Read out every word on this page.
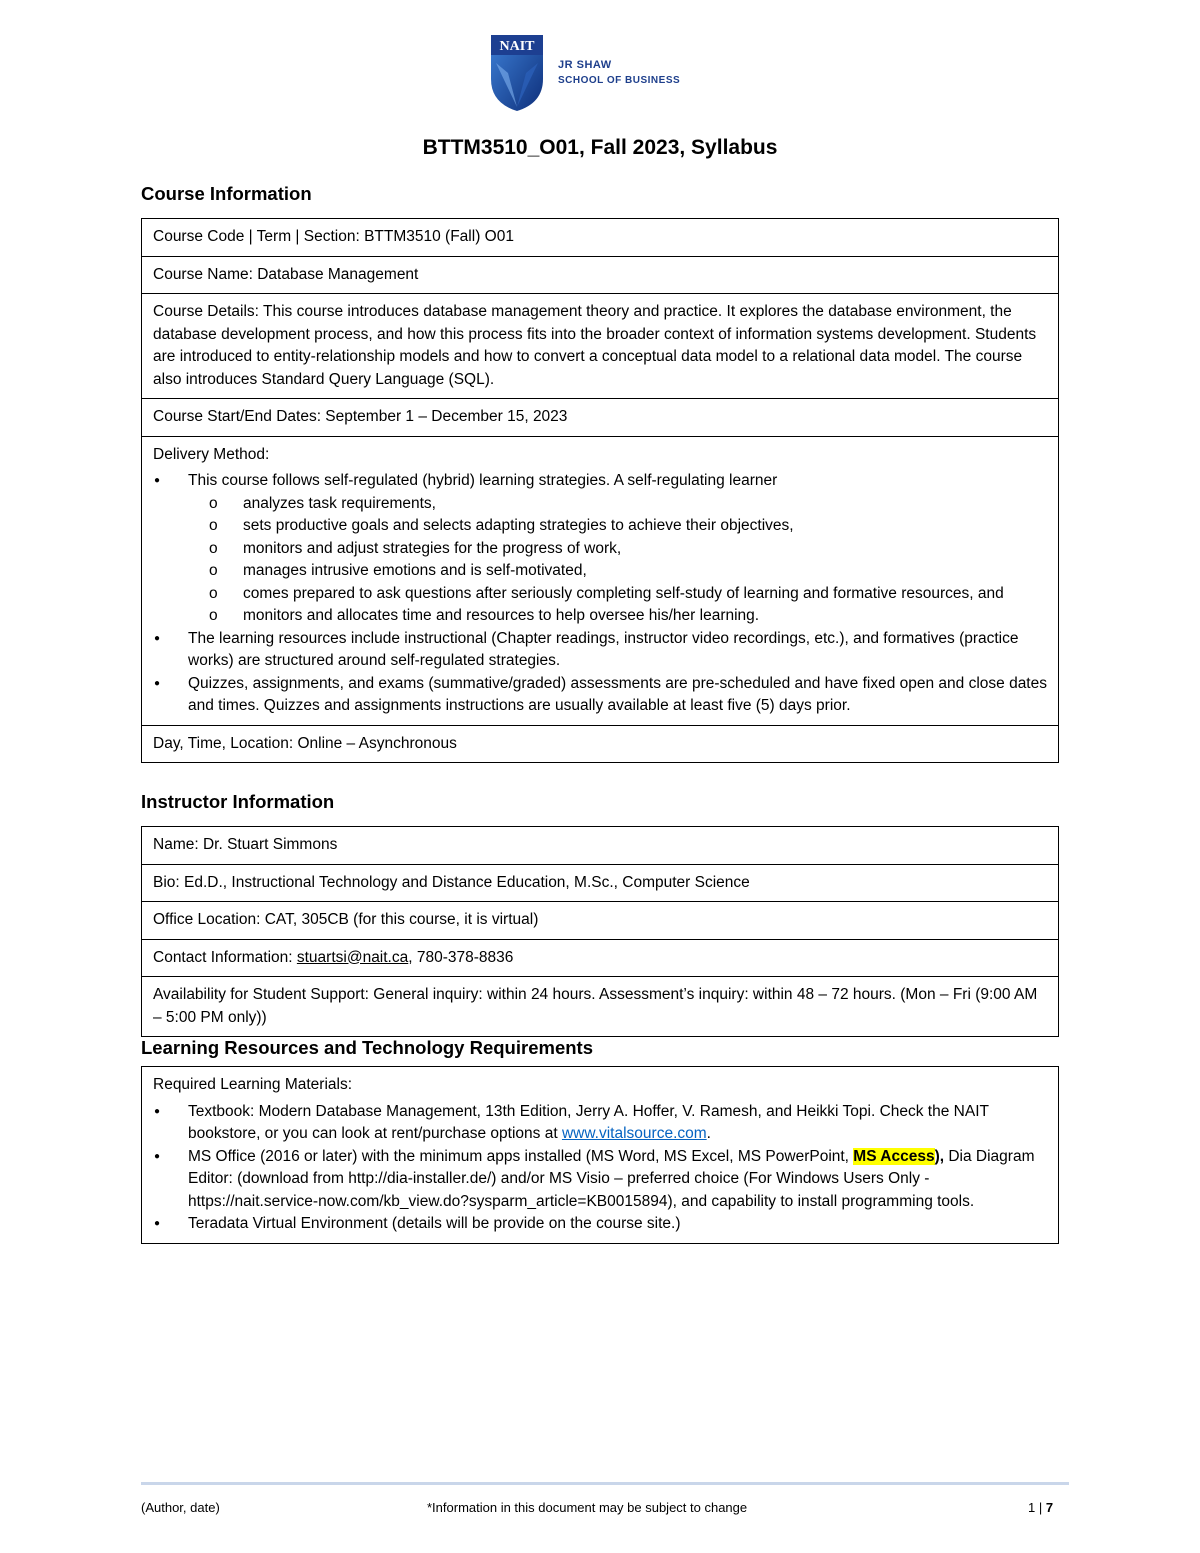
NAIT
JR SHAW
SCHOOL OF BUSINESS
BTTM3510_O01, Fall 2023, Syllabus
Course Information
Course Code | Term | Section: BTTM3510 (Fall) O01
Course Name: Database Management
Course Details: This course introduces database management theory and practice. It explores the database environment, the database development process, and how this process fits into the broader context of information systems development. Students are introduced to entity-relationship models and how to convert a conceptual data model to a relational data model. The course also introduces Standard Query Language (SQL).
Course Start/End Dates: September 1 – December 15, 2023

Delivery Method:
● This course follows self-regulated (hybrid) learning strategies. A self-regulating learner
o analyzes task requirements,
o sets productive goals and selects adapting strategies to achieve their objectives,
o monitors and adjust strategies for the progress of work,
o manages intrusive emotions and is self-motivated,
o comes prepared to ask questions after seriously completing self-study of learning and formative resources, and
o monitors and allocates time and resources to help oversee his/her learning.
● The learning resources include instructional (Chapter readings, instructor video recordings, etc.), and formatives (practice works) are structured around self-regulated strategies.
● Quizzes, assignments, and exams (summative/graded) assessments are pre-scheduled and have fixed open and close dates and times. Quizzes and assignments instructions are usually available at least five (5) days prior.

Day, Time, Location: Online – Asynchronous
Instructor Information
Name: Dr. Stuart Simmons
Bio: Ed.D., Instructional Technology and Distance Education, M.Sc., Computer Science
Office Location: CAT, 305CB (for this course, it is virtual)
Contact Information: stuartsi@nait.ca, 780-378-8836
Availability for Student Support: General inquiry: within 24 hours. Assessment’s inquiry: within 48 – 72 hours. (Mon – Fri (9:00 AM – 5:00 PM only))
Learning Resources and Technology Requirements
Required Learning Materials:
● Textbook: Modern Database Management, 13th Edition, Jerry A. Hoffer, V. Ramesh, and Heikki Topi. Check the NAIT bookstore, or you can look at rent/purchase options at www.vitalsource.com.
● MS Office (2016 or later) with the minimum apps installed (MS Word, MS Excel, MS PowerPoint, MS Access), Dia Diagram Editor: (download from http://dia-installer.de/) and/or MS Visio – preferred choice (For Windows Users Only - https://nait.service-now.com/kb_view.do?sysparm_article=KB0015894), and capability to install programming tools.
● Teradata Virtual Environment (details will be provide on the course site.)
(Author, date)	*Information in this document may be subject to change	1 | 7
